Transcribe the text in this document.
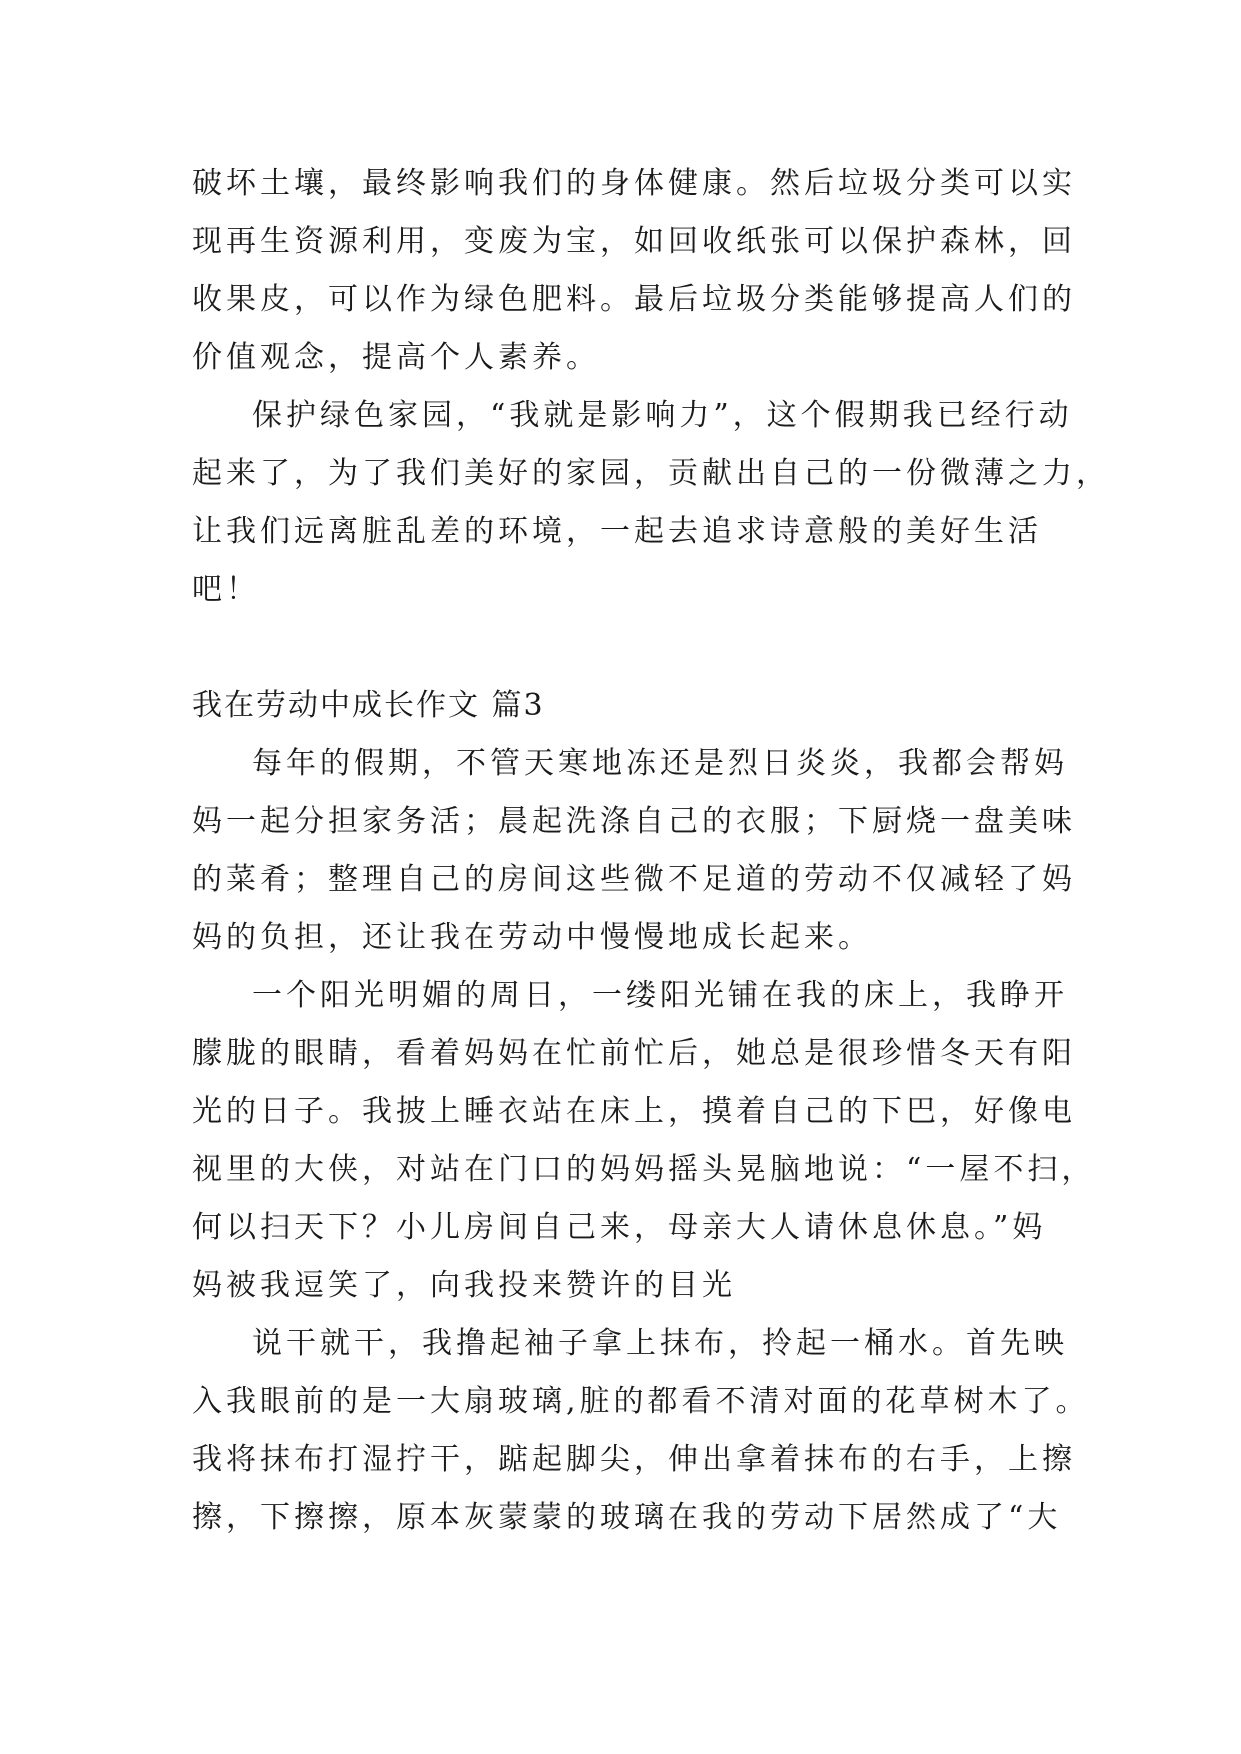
破坏土壤，最终影响我们的身体健康。然后垃圾分类可以实
现再生资源利用，变废为宝，如回收纸张可以保护森林，回
收果皮，可以作为绿色肥料。最后垃圾分类能够提高人们的
价值观念，提高个人素养。
保护绿色家园，“我就是影响力”，这个假期我已经行动
起来了，为了我们美好的家园，贡献出自己的一份微薄之力，
让我们远离脏乱差的环境，一起去追求诗意般的美好生活
吧！
我在劳动中成长作文 篇3
每年的假期，不管天寒地冻还是烈日炎炎，我都会帮妈
妈一起分担家务活；晨起洗涤自己的衣服；下厨烧一盘美味
的菜肴；整理自己的房间这些微不足道的劳动不仅减轻了妈
妈的负担，还让我在劳动中慢慢地成长起来。
一个阳光明媚的周日，一缕阳光铺在我的床上，我睁开
朦胧的眼睛，看着妈妈在忙前忙后，她总是很珍惜冬天有阳
光的日子。我披上睡衣站在床上，摸着自己的下巴，好像电
视里的大侠，对站在门口的妈妈摇头晃脑地说：“一屋不扫，
何以扫天下？小儿房间自己来，母亲大人请休息休息。”妈
妈被我逗笑了，向我投来赞许的目光
说干就干，我撸起袖子拿上抹布，拎起一桶水。首先映
入我眼前的是一大扇玻璃,脏的都看不清对面的花草树木了。
我将抹布打湿拧干，踮起脚尖，伸出拿着抹布的右手，上擦
擦，下擦擦，原本灰蒙蒙的玻璃在我的劳动下居然成了“大
